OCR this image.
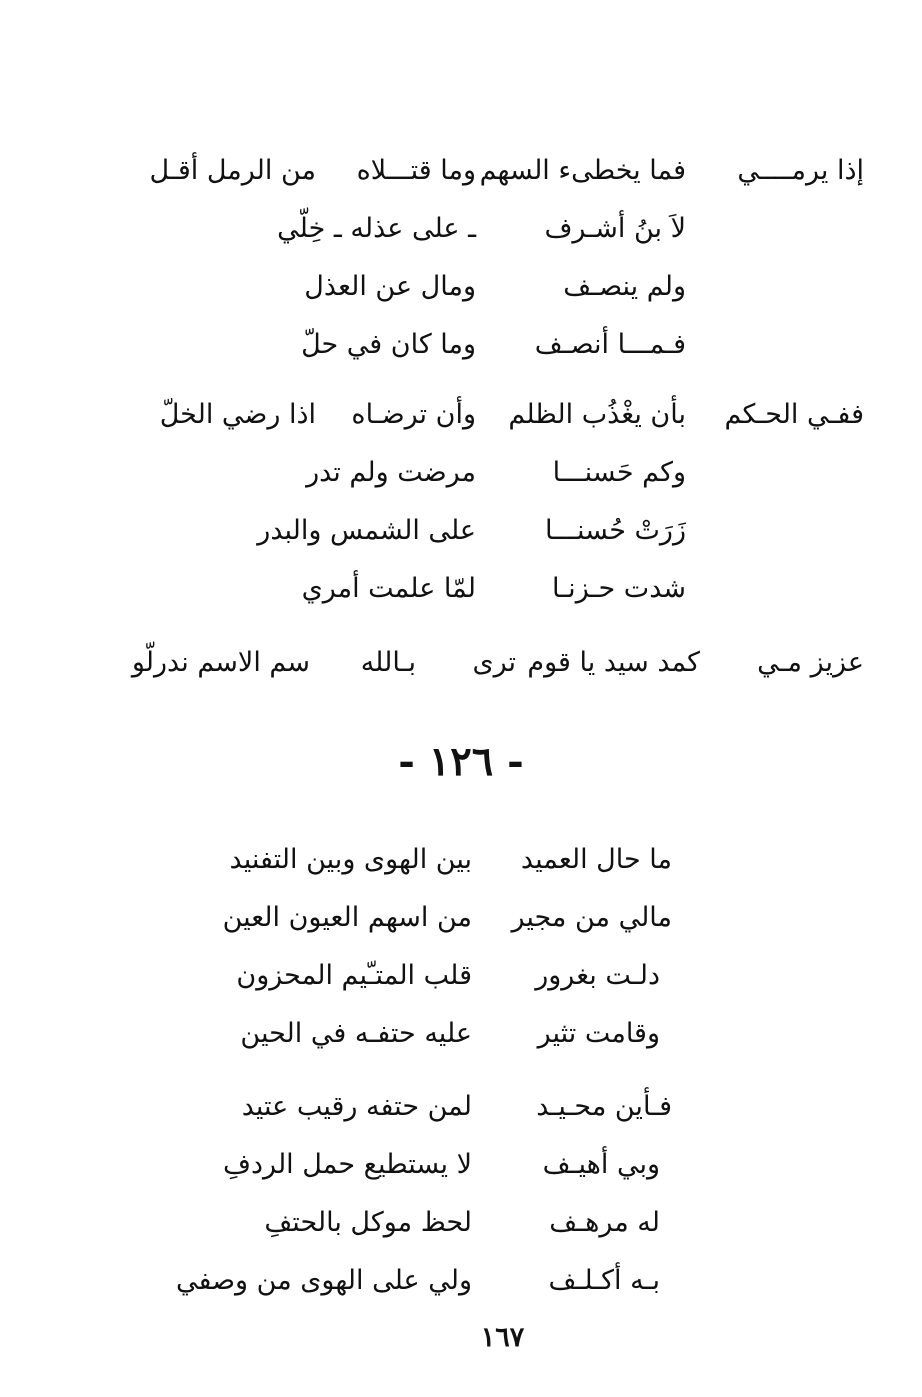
إذا يرمــــي
فما يخطىء السهم
وما قتـــلاه
من الرمل أقـل
لاَ بنُ أشـرف
ـ على عذله ـ خِلّي
ولم ينصـف
ومال عن العذل
فـمـــا أنصـف
وما كان في حلّ
ففـي الحـكم
بأن يغْذُب الظلم
وأن ترضـاه
اذا رضي الخلّ
وكم حَسنـــا
مرضت ولم تدر
زَرَتْ حُسنـــا
على الشمس والبدر
شدت حـزنـا
لمّا علمت أمري
عزيز مـي
كمد سيد يا قوم
ترى
بـالله
سم الاسم ندرلّو
- ١٢٦ -
ما حال العميد
بين الهوى وبين التفنيد
مالي من مجير
من اسهم العيون العين
دلـت بغرور
قلب المتـّيم المحزون
وقامت تثير
عليه حتفـه في الحين
فـأين محـيـد
لمن حتفه رقيب عتيد
وبي أهيـف
لا يستطيع حمل الردفِ
له مرهـف
لحظ موكل بالحتفِ
بـه أكـلـف
ولي على الهوى من وصفي
١٦٧
